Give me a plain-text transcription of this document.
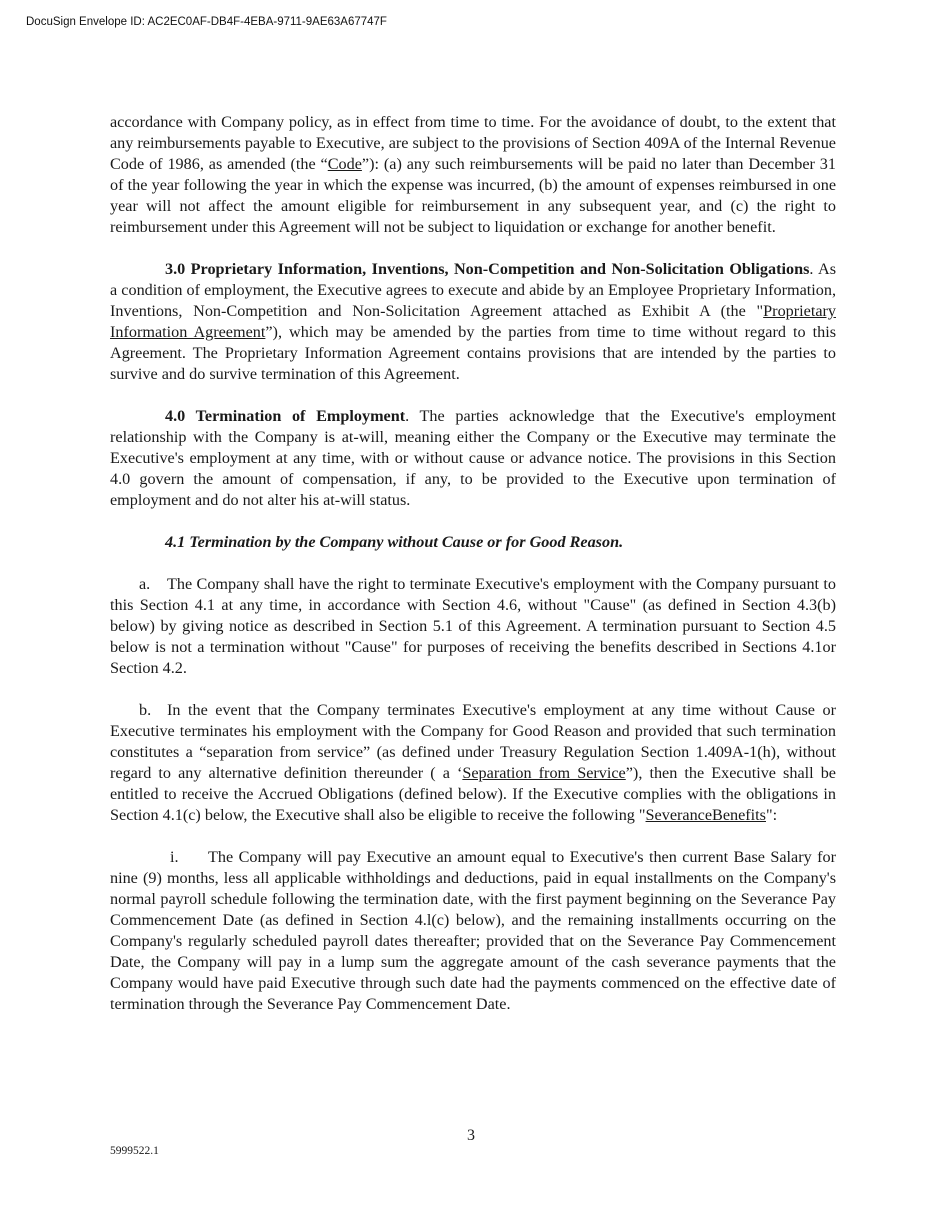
DocuSign Envelope ID: AC2EC0AF-DB4F-4EBA-9711-9AE63A67747F

accordance with Company policy, as in effect from time to time. For the avoidance of doubt, to the extent that any reimbursements payable to Executive, are subject to the provisions of Section 409A of the Internal Revenue Code of 1986, as amended (the “Code”): (a) any such reimbursements will be paid no later than December 31 of the year following the year in which the expense was incurred, (b) the amount of expenses reimbursed in one year will not affect the amount eligible for reimbursement in any subsequent year, and (c) the right to reimbursement under this Agreement will not be subject to liquidation or exchange for another benefit.

3.0 Proprietary Information, Inventions, Non-Competition and Non-Solicitation Obligations. As a condition of employment, the Executive agrees to execute and abide by an Employee Proprietary Information, Inventions, Non-Competition and Non-Solicitation Agreement attached as Exhibit A (the "Proprietary Information Agreement”), which may be amended by the parties from time to time without regard to this Agreement. The Proprietary Information Agreement contains provisions that are intended by the parties to survive and do survive termination of this Agreement.

4.0 Termination of Employment. The parties acknowledge that the Executive's employment relationship with the Company is at-will, meaning either the Company or the Executive may terminate the Executive's employment at any time, with or without cause or advance notice. The provisions in this Section 4.0 govern the amount of compensation, if any, to be provided to the Executive upon termination of employment and do not alter his at-will status.

4.1 Termination by the Company without Cause or for Good Reason.

a. The Company shall have the right to terminate Executive's employment with the Company pursuant to this Section 4.1 at any time, in accordance with Section 4.6, without "Cause" (as defined in Section 4.3(b) below) by giving notice as described in Section 5.1 of this Agreement. A termination pursuant to Section 4.5 below is not a termination without "Cause" for purposes of receiving the benefits described in Sections 4.1or Section 4.2.

b. In the event that the Company terminates Executive's employment at any time without Cause or Executive terminates his employment with the Company for Good Reason and provided that such termination constitutes a “separation from service” (as defined under Treasury Regulation Section 1.409A-1(h), without regard to any alternative definition thereunder ( a ‘Separation from Service”), then the Executive shall be entitled to receive the Accrued Obligations (defined below). If the Executive complies with the obligations in Section 4.1(c) below, the Executive shall also be eligible to receive the following "SeveranceBenefits":

i. The Company will pay Executive an amount equal to Executive's then current Base Salary for nine (9) months, less all applicable withholdings and deductions, paid in equal installments on the Company's normal payroll schedule following the termination date, with the first payment beginning on the Severance Pay Commencement Date (as defined in Section 4.l(c) below), and the remaining installments occurring on the Company's regularly scheduled payroll dates thereafter; provided that on the Severance Pay Commencement Date, the Company will pay in a lump sum the aggregate amount of the cash severance payments that the Company would have paid Executive through such date had the payments commenced on the effective date of termination through the Severance Pay Commencement Date.

3
5999522.1
